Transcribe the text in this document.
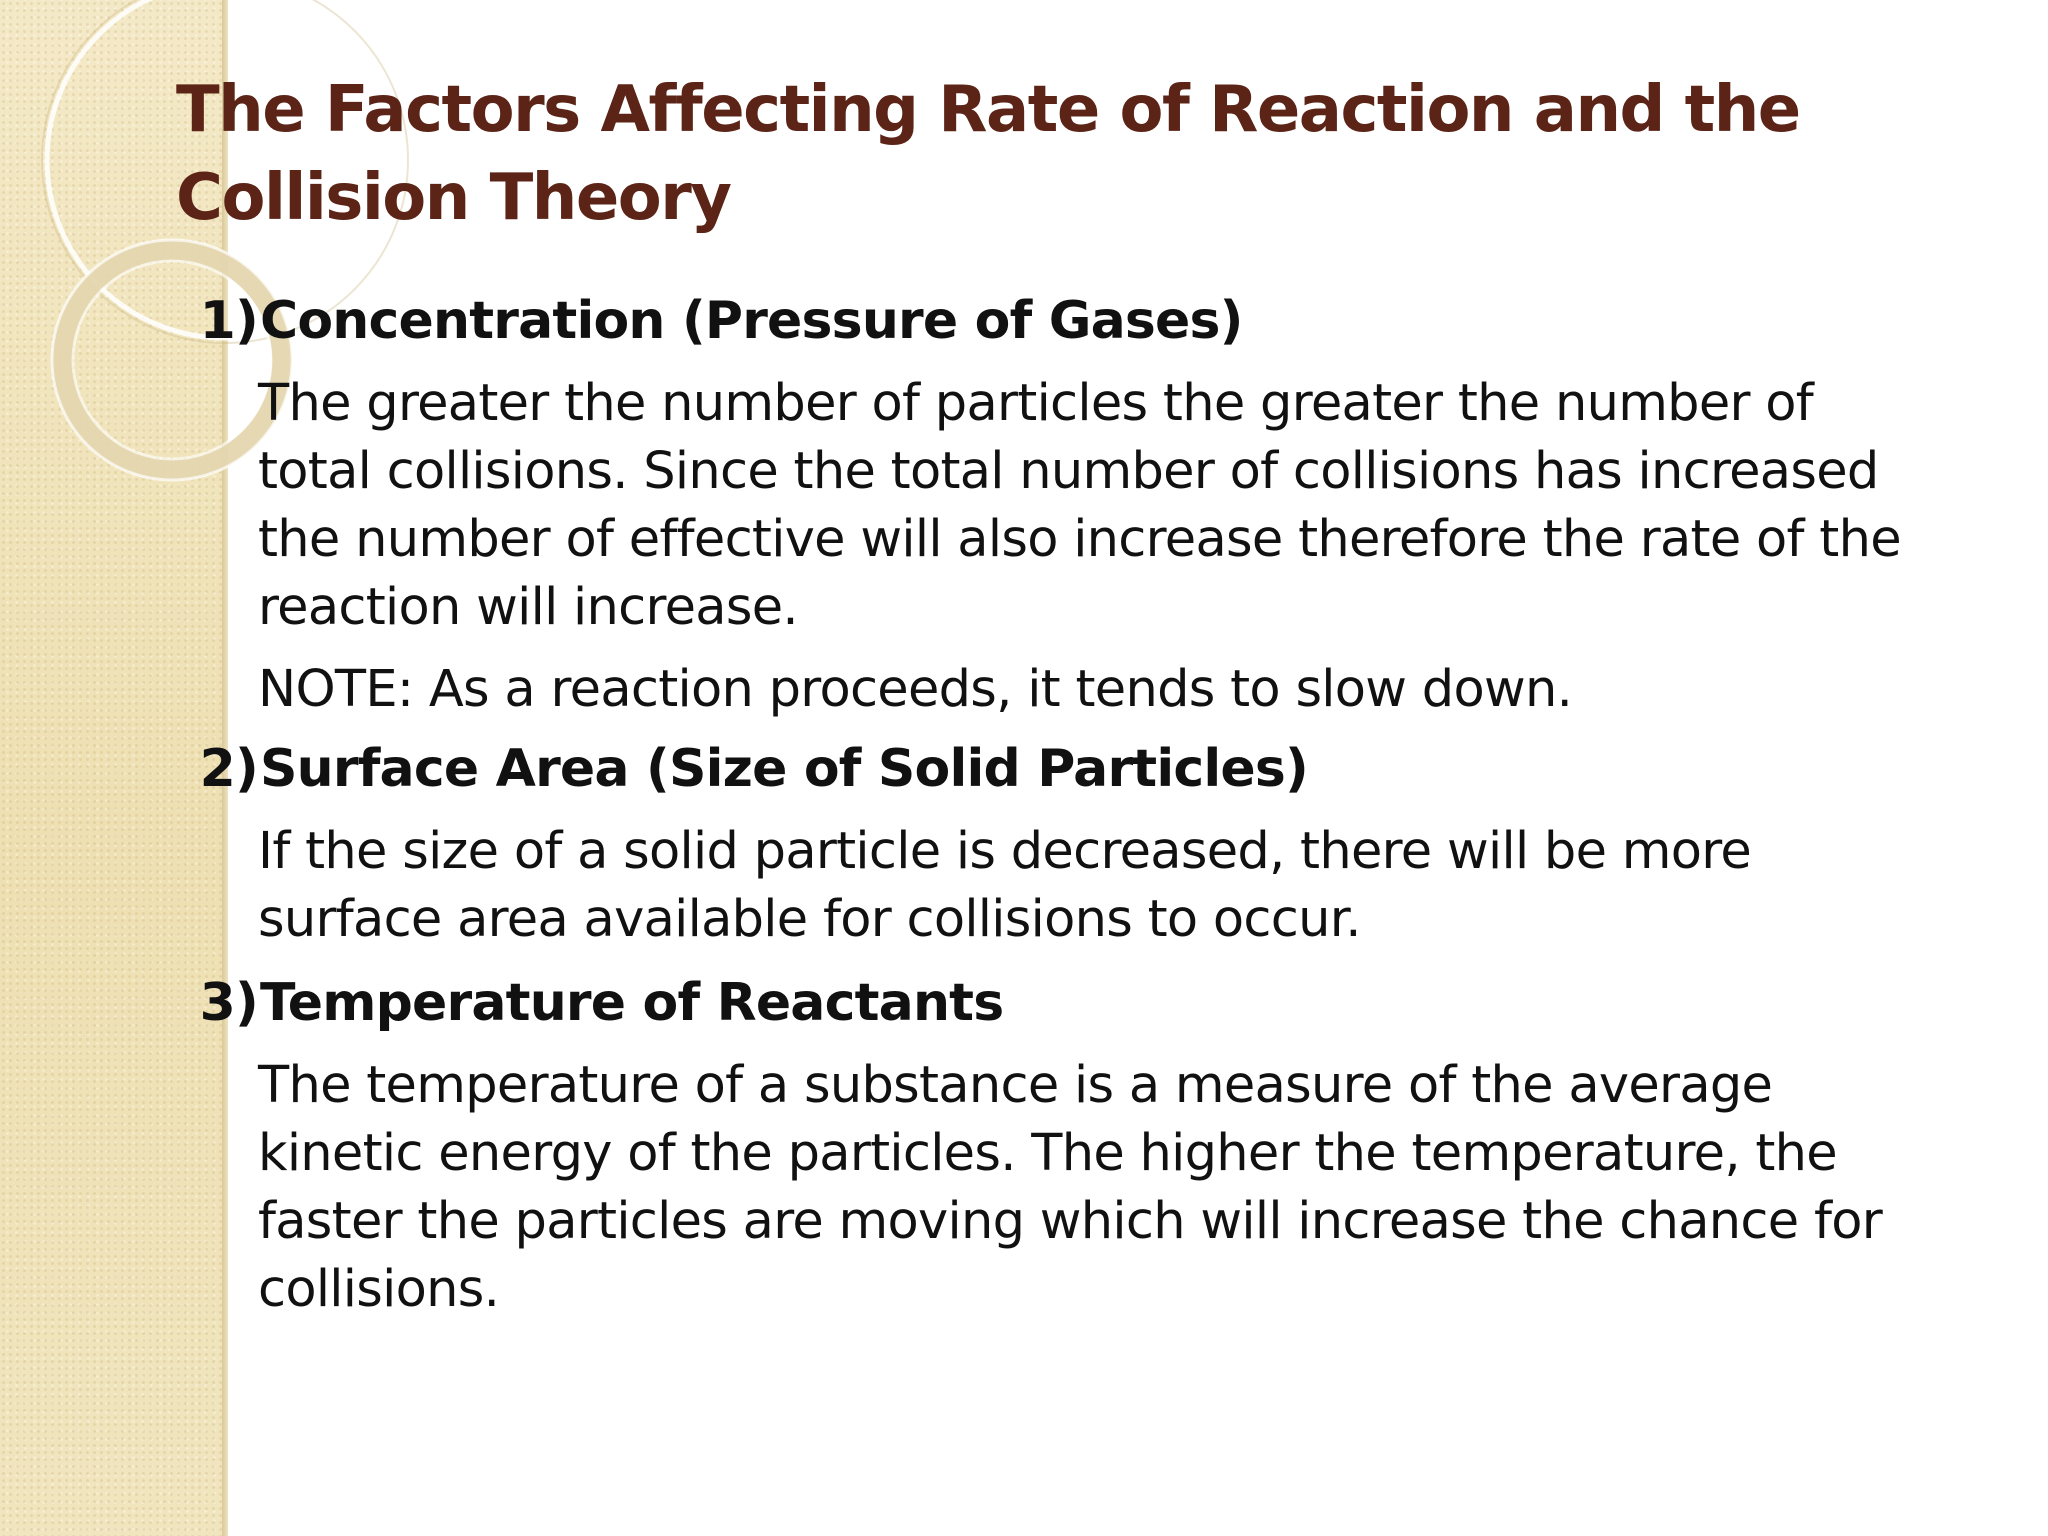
The Factors Affecting Rate of Reaction and the
Collision Theory
1) Concentration (Pressure of Gases)

The greater the number of particles the greater the number of total collisions. Since the total number of collisions has increased the number of effective will also increase therefore the rate of the reaction will increase.

NOTE: As a reaction proceeds, it tends to slow down.

2) Surface Area (Size of Solid Particles)

If the size of a solid particle is decreased, there will be more surface area available for collisions to occur.

3) Temperature of Reactants

The temperature of a substance is a measure of the average kinetic energy of the particles. The higher the temperature, the faster the particles are moving which will increase the chance for collisions.
